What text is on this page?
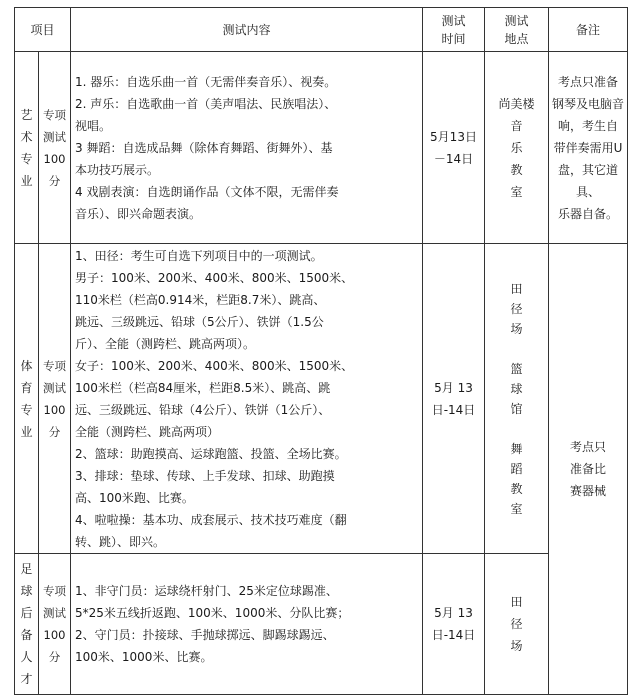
项目	测试内容
测试
时间
测试
地点
备注
艺
术
专
业
专项
测试
100分
1. 器乐：自选乐曲一首（无需伴奏音乐）、视奏。
2. 声乐：自选歌曲一首（美声唱法、民族唱法）、
视唱。
3 舞蹈：自选成品舞（除体育舞蹈、街舞外）、基
本功技巧展示。
4 戏剧表演：自选朗诵作品（文体不限，无需伴奏
音乐）、即兴命题表演。
5月13日
－14日
尚美楼
音
乐
教
室
考点只准备
钢琴及电脑音
响，考生自
带伴奏需用U
盘，其它道具、
乐器自备。
体
育
专
业
专项
测试
100分
1、田径：考生可自选下列项目中的一项测试。
男子：100米、200米、400米、800米、1500米、
110米栏（栏高0.914米，栏距8.7米）、跳高、
跳远、三级跳远、铅球（5公斤）、铁饼（1.5公
斤）、全能（测跨栏、跳高两项）。
女子：100米、200米、400米、800米、1500米、
100米栏（栏高84厘米，栏距8.5米）、跳高、跳
远、三级跳远、铅球（4公斤）、铁饼（1公斤）、
全能（测跨栏、跳高两项）
2、篮球：助跑摸高、运球跑篮、投篮、全场比赛。
3、排球：垫球、传球、上手发球、扣球、助跑摸
高、100米跑、比赛。
4、啦啦操：基本功、成套展示、技术技巧难度（翻
转、跳）、即兴。
5月 13
日-14日
田
径
场

篮
球
馆

舞
蹈
教
室
考点只
准备比
赛器械
足
球
后
备
人
才
专项
测试
100分
1、非守门员：运球绕杆射门、25米定位球踢准、
5*25米五线折返跑、100米、1000米、分队比赛；
2、守门员：扑接球、手抛球掷远、脚踢球踢远、
100米、1000米、比赛。
5月 13
日-14日
田
径
场
